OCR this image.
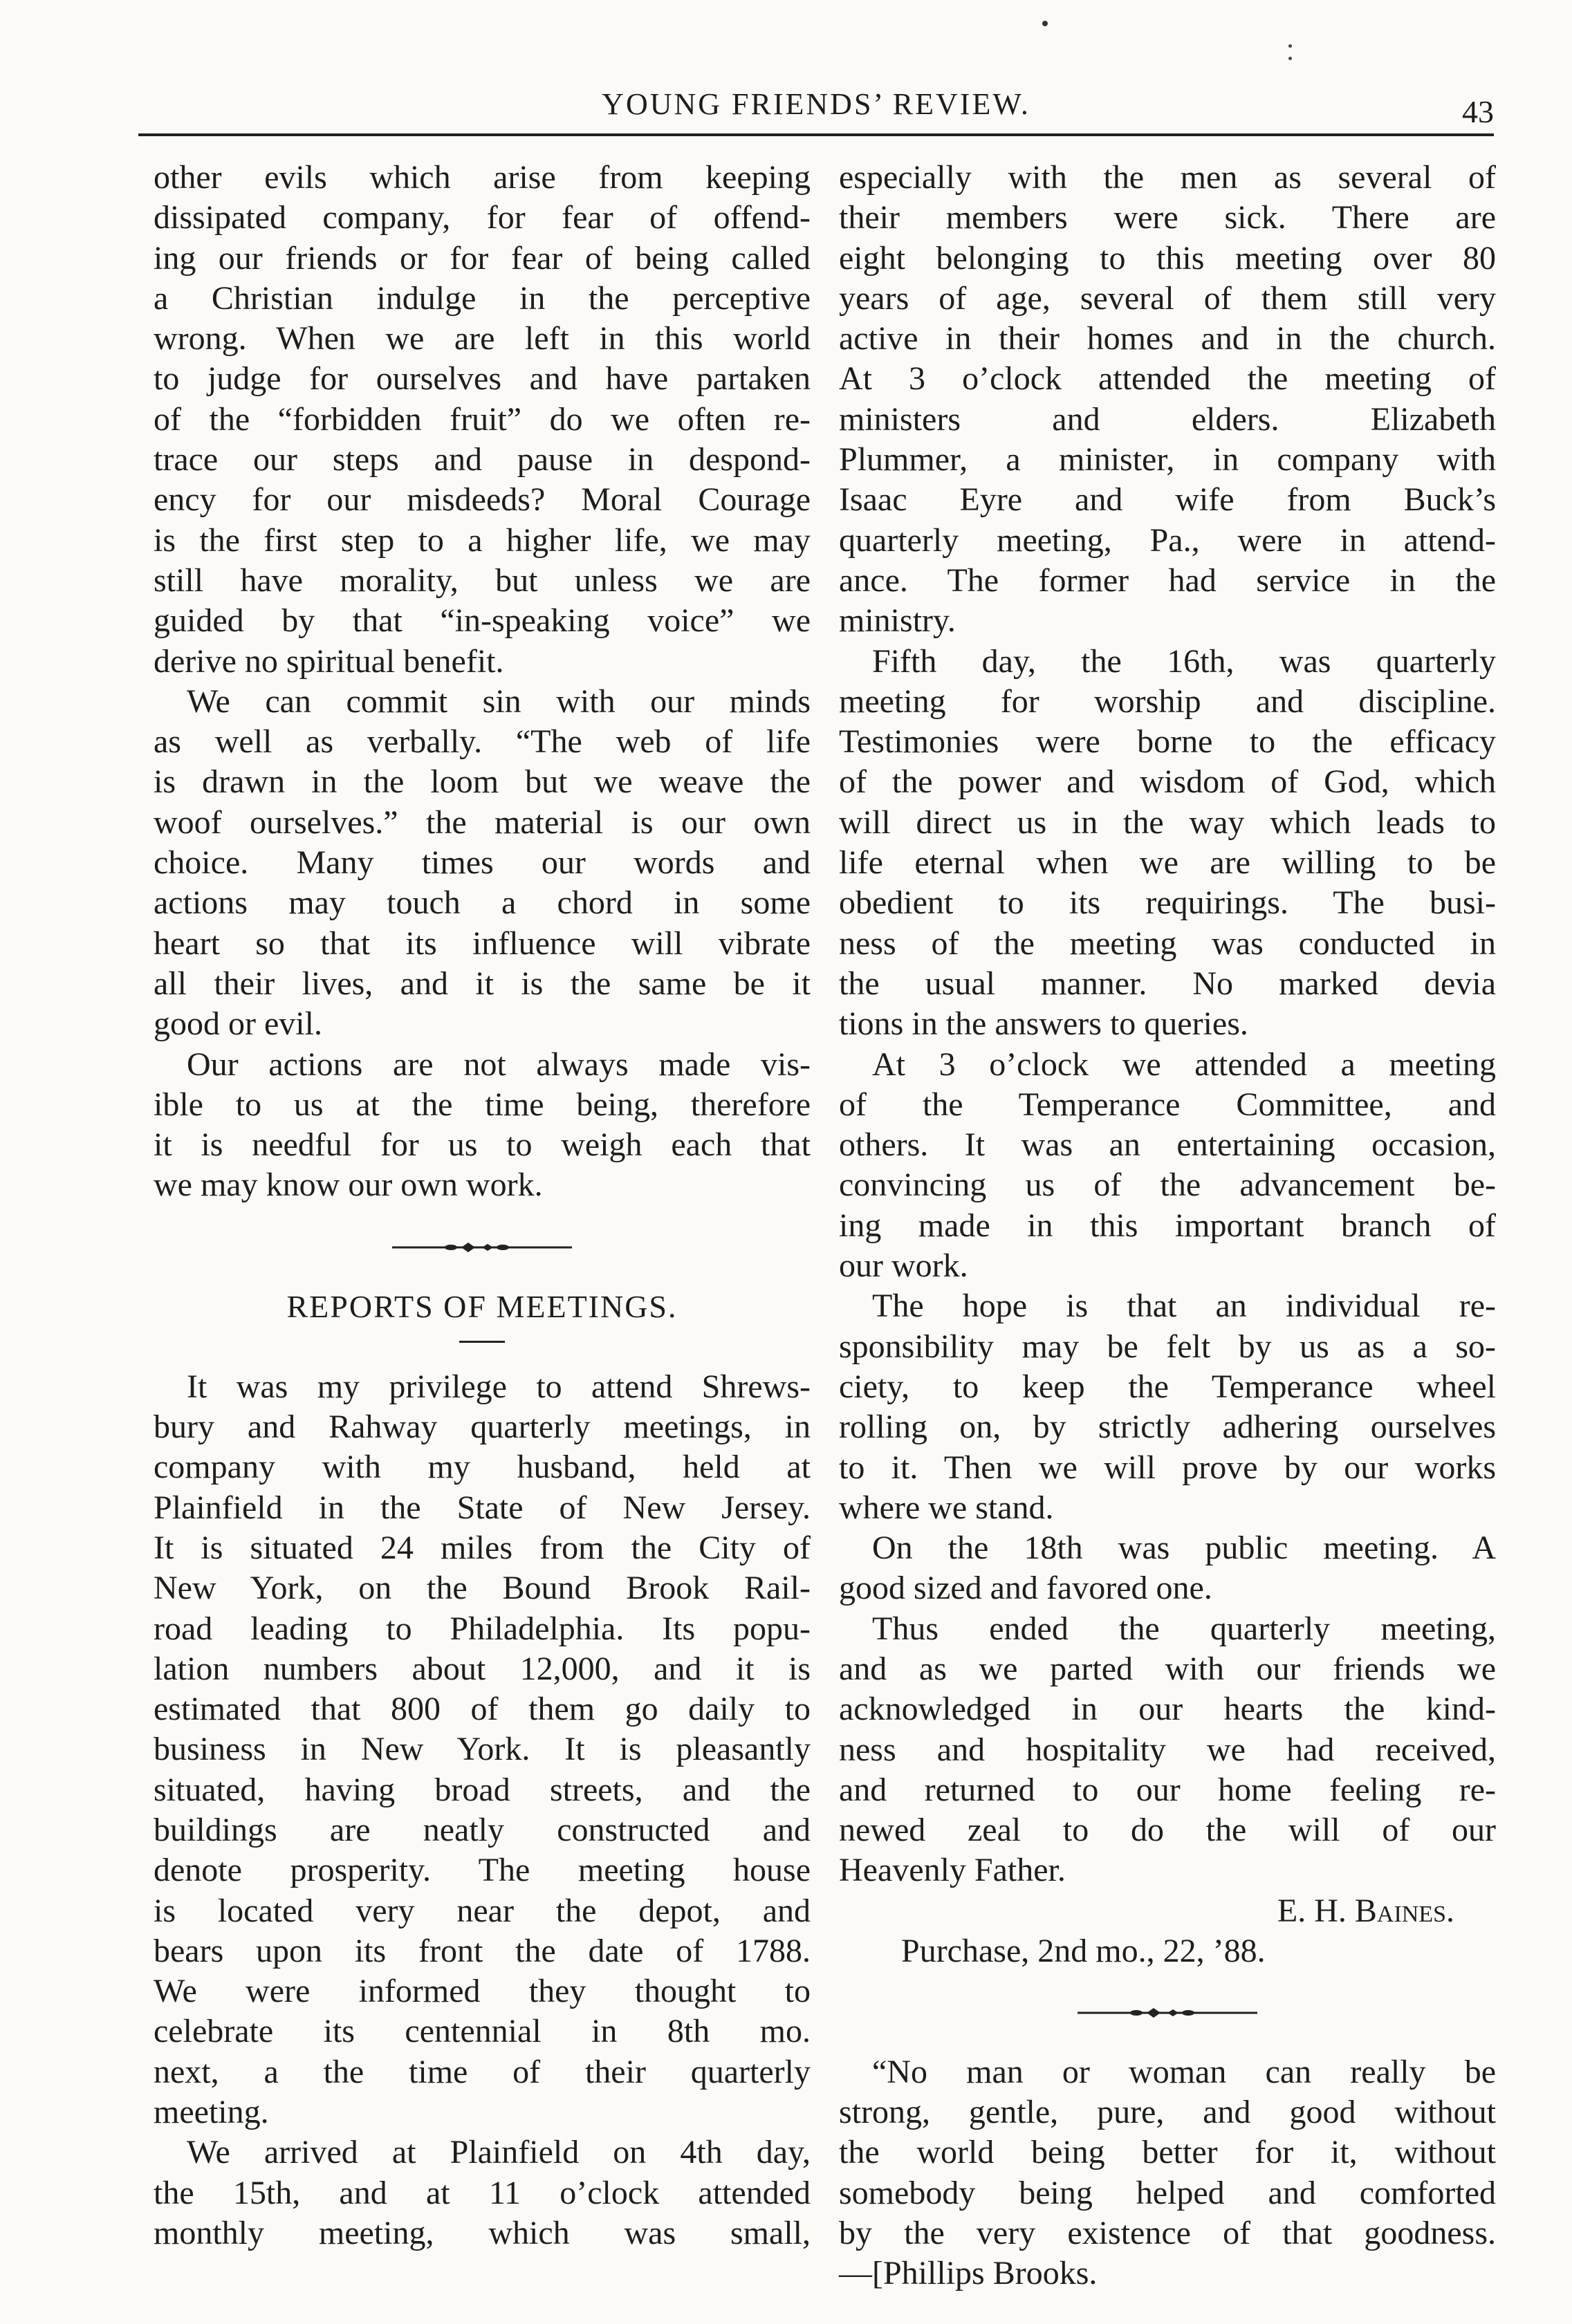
YOUNG FRIENDS’ REVIEW.	43

other evils which arise from keeping
dissipated company, for fear of offend-
ing our friends or for fear of being called
a Christian indulge in the perceptive
wrong. When we are left in this world
to judge for ourselves and have partaken
of the “forbidden fruit” do we often re-
trace our steps and pause in despond-
ency for our misdeeds? Moral Courage
is the first step to a higher life, we may
still have morality, but unless we are
guided by that “in-speaking voice” we
derive no spiritual benefit.

We can commit sin with our minds
as well as verbally. “The web of life
is drawn in the loom but we weave the
woof ourselves.” the material is our own
choice. Many times our words and
actions may touch a chord in some
heart so that its influence will vibrate
all their lives, and it is the same be it
good or evil.

Our actions are not always made vis-
ible to us at the time being, therefore
it is needful for us to weigh each that
we may know our own work.

REPORTS OF MEETINGS.

It was my privilege to attend Shrews-
bury and Rahway quarterly meetings, in
company with my husband, held at
Plainfield in the State of New Jersey.
It is situated 24 miles from the City of
New York, on the Bound Brook Rail-
road leading to Philadelphia. Its popu-
lation numbers about 12,000, and it is
estimated that 800 of them go daily to
business in New York. It is pleasantly
situated, having broad streets, and the
buildings are neatly constructed and
denote prosperity. The meeting house
is located very near the depot, and
bears upon its front the date of 1788.
We were informed they thought to
celebrate its centennial in 8th mo.
next, a the time of their quarterly
meeting.

We arrived at Plainfield on 4th day,
the 15th, and at 11 o’clock attended
monthly meeting, which was small,

especially with the men as several of
their members were sick. There are
eight belonging to this meeting over 80
years of age, several of them still very
active in their homes and in the church.
At 3 o’clock attended the meeting of
ministers and elders. Elizabeth
Plummer, a minister, in company with
Isaac Eyre and wife from Buck’s
quarterly meeting, Pa., were in attend-
ance. The former had service in the
ministry.

Fifth day, the 16th, was quarterly
meeting for worship and discipline.
Testimonies were borne to the efficacy
of the power and wisdom of God, which
will direct us in the way which leads to
life eternal when we are willing to be
obedient to its requirings. The busi-
ness of the meeting was conducted in
the usual manner. No marked devia
tions in the answers to queries.

At 3 o’clock we attended a meeting
of the Temperance Committee, and
others. It was an entertaining occasion,
convincing us of the advancement be-
ing made in this important branch of
our work.

The hope is that an individual re-
sponsibility may be felt by us as a so-
ciety, to keep the Temperance wheel
rolling on, by strictly adhering ourselves
to it. Then we will prove by our works
where we stand.

On the 18th was public meeting. A
good sized and favored one.

Thus ended the quarterly meeting,
and as we parted with our friends we
acknowledged in our hearts the kind-
ness and hospitality we had received,
and returned to our home feeling re-
newed zeal to do the will of our
Heavenly Father.

E. H. Baines.
Purchase, 2nd mo., 22, ’88.

“No man or woman can really be
strong, gentle, pure, and good without
the world being better for it, without
somebody being helped and comforted
by the very existence of that goodness.
—[Phillips Brooks.
